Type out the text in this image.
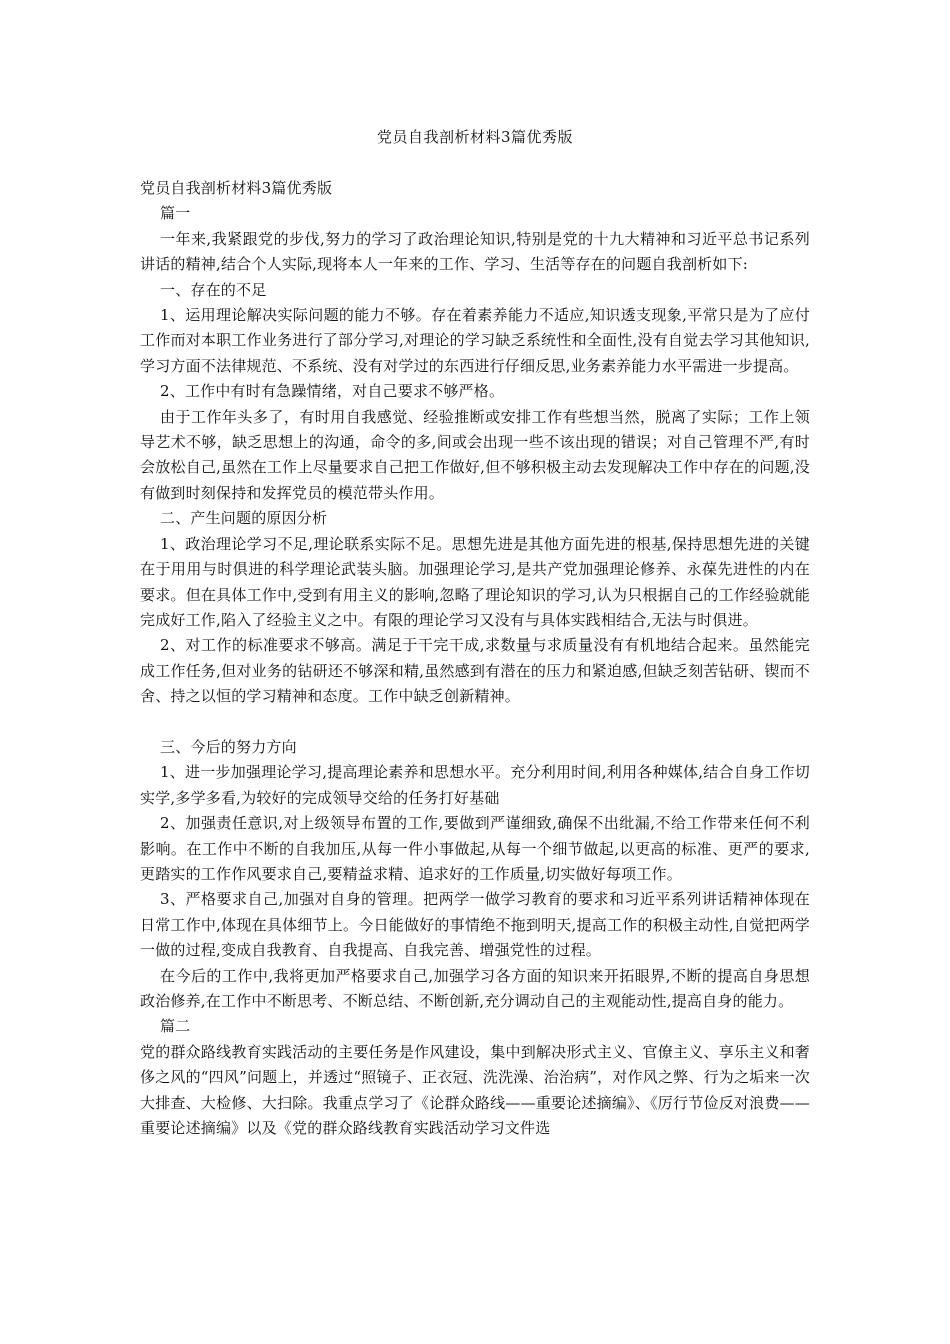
党员自我剖析材料3篇优秀版

党员自我剖析材料3篇优秀版

篇一

一年来,我紧跟党的步伐,努力的学习了政治理论知识,特别是党的十九大精神和习近平总书记系列讲话的精神,结合个人实际,现将本人一年来的工作、学习、生活等存在的问题自我剖析如下:

一、存在的不足

1、运用理论解决实际问题的能力不够。存在着素养能力不适应,知识透支现象,平常只是为了应付工作而对本职工作业务进行了部分学习,对理论的学习缺乏系统性和全面性,没有自觉去学习其他知识,学习方面不法律规范、不系统、没有对学过的东西进行仔细反思,业务素养能力水平需进一步提高。

2、工作中有时有急躁情绪，对自己要求不够严格。

由于工作年头多了，有时用自我感觉、经验推断或安排工作有些想当然，脱离了实际；工作上领导艺术不够，缺乏思想上的沟通，命令的多,间或会出现一些不该出现的错误；对自己管理不严,有时会放松自己,虽然在工作上尽量要求自己把工作做好,但不够积极主动去发现解决工作中存在的问题,没有做到时刻保持和发挥党员的模范带头作用。

二、产生问题的原因分析

1、政治理论学习不足,理论联系实际不足。思想先进是其他方面先进的根基,保持思想先进的关键在于用用与时俱进的科学理论武装头脑。加强理论学习,是共产党加强理论修养、永葆先进性的内在要求。但在具体工作中,受到有用主义的影响,忽略了理论知识的学习,认为只根据自己的工作经验就能完成好工作,陷入了经验主义之中。有限的理论学习又没有与具体实践相结合,无法与时俱进。

2、对工作的标准要求不够高。满足于干完干成,求数量与求质量没有有机地结合起来。虽然能完成工作任务,但对业务的钻研还不够深和精,虽然感到有潜在的压力和紧迫感,但缺乏刻苦钻研、锲而不舍、持之以恒的学习精神和态度。工作中缺乏创新精神。

三、今后的努力方向

1、进一步加强理论学习,提高理论素养和思想水平。充分利用时间,利用各种媒体,结合自身工作切实学,多学多看,为较好的完成领导交给的任务打好基础

2、加强责任意识,对上级领导布置的工作,要做到严谨细致,确保不出纰漏,不给工作带来任何不利影响。在工作中不断的自我加压,从每一件小事做起,从每一个细节做起,以更高的标准、更严的要求,更踏实的工作作风要求自己,要精益求精、追求好的工作质量,切实做好每项工作。

3、严格要求自己,加强对自身的管理。把两学一做学习教育的要求和习近平系列讲话精神体现在日常工作中,体现在具体细节上。今日能做好的事情绝不拖到明天,提高工作的积极主动性,自觉把两学一做的过程,变成自我教育、自我提高、自我完善、增强党性的过程。

在今后的工作中,我将更加严格要求自己,加强学习各方面的知识来开拓眼界,不断的提高自身思想政治修养,在工作中不断思考、不断总结、不断创新,充分调动自己的主观能动性,提高自身的能力。

篇二

党的群众路线教育实践活动的主要任务是作风建设，集中到解决形式主义、官僚主义、享乐主义和奢侈之风的“四风”问题上，并透过“照镜子、正衣冠、洗洗澡、治治病”，对作风之弊、行为之垢来一次大排查、大检修、大扫除。我重点学习了《论群众路线——重要论述摘编》、《厉行节俭反对浪费——重要论述摘编》以及《党的群众路线教育实践活动学习文件选
